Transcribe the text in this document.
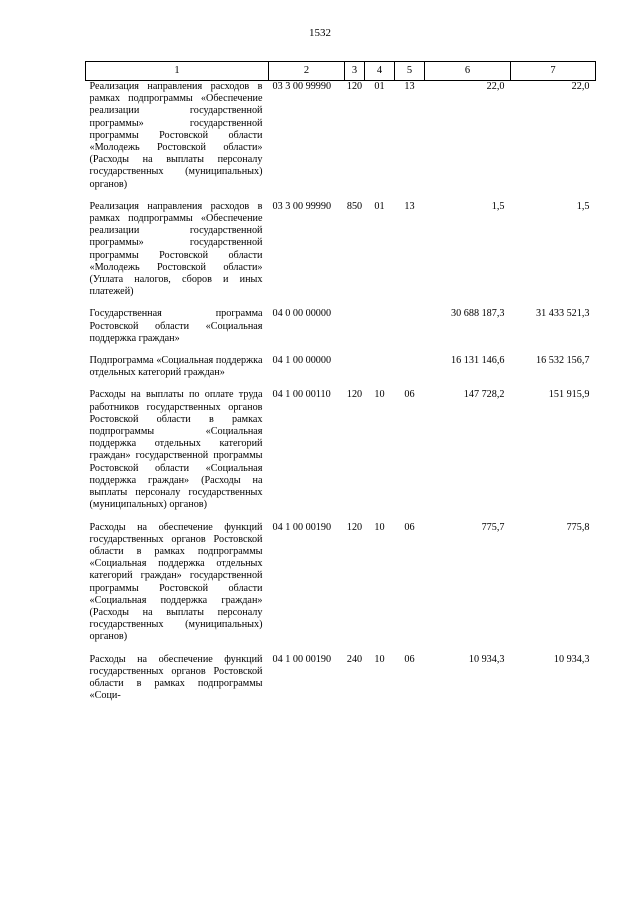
1532
1	2	3	4	5	6	7
Реализация направления расходов в рамках подпрограммы «Обеспечение реализации государственной программы» государственной программы Ростовской области «Молодежь Ростовской области» (Расходы на выплаты персоналу государственных (муниципальных) органов)	03 3 00 99990	120	01	13	22,0	22,0
Реализация направления расходов в рамках подпрограммы «Обеспечение реализации государственной программы» государственной программы Ростовской области «Молодежь Ростовской области» (Уплата налогов, сборов и иных платежей)	03 3 00 99990	850	01	13	1,5	1,5
Государственная программа Ростовской области «Социальная поддержка граждан»	04 0 00 00000				30 688 187,3	31 433 521,3
Подпрограмма «Социальная поддержка отдельных категорий граждан»	04 1 00 00000				16 131 146,6	16 532 156,7
Расходы на выплаты по оплате труда работников государственных органов Ростовской области в рамках подпрограммы «Социальная поддержка отдельных категорий граждан» государственной программы Ростовской области «Социальная поддержка граждан» (Расходы на выплаты персоналу государственных (муниципальных) органов)	04 1 00 00110	120	10	06	147 728,2	151 915,9
Расходы на обеспечение функций государственных органов Ростовской области в рамках подпрограммы «Социальная поддержка отдельных категорий граждан» государственной программы Ростовской области «Социальная поддержка граждан» (Расходы на выплаты персоналу государственных (муниципальных) органов)	04 1 00 00190	120	10	06	775,7	775,8
Расходы на обеспечение функций государственных органов Ростовской области в рамках подпрограммы «Соци-	04 1 00 00190	240	10	06	10 934,3	10 934,3
